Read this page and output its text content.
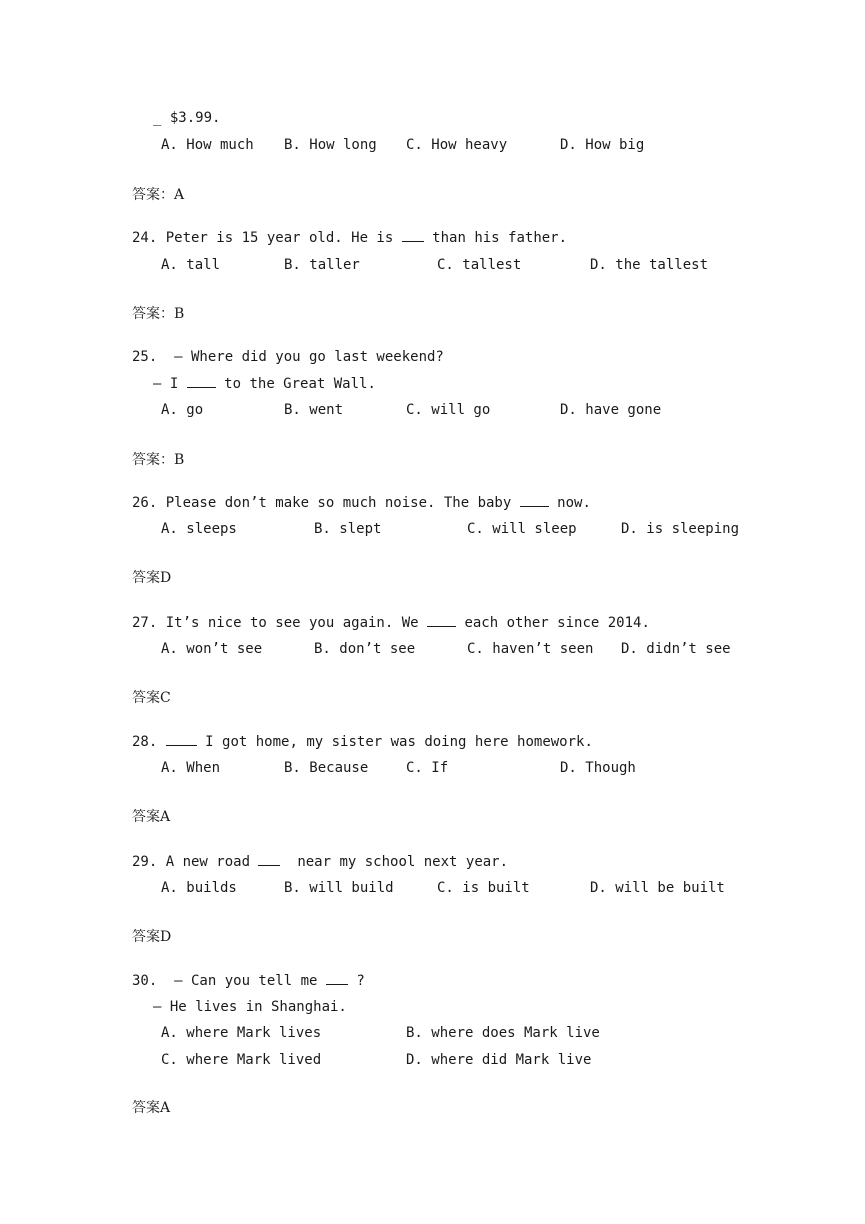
_ $3.99.
A. How much B. How long C. How heavy	D. How big
答案：A
24. Peter is 15 year old. He is	than his father.
A. tall	B. taller	C. tallest	D. the tallest
答案：B
25.  – Where did you go last weekend?
– I	to the Great Wall.
A. go	B. went	C. will go	D. have gone
答案：B
26. Please don’t make so much noise. The baby	now.
A. sleeps	B. slept	C. will sleep	D. is sleeping
答案D
27. It’s nice to see you again. We	each other since 2014.
A. won’t see	B. don’t see	C. haven’t seen D. didn’t see
答案C
28.	I got home, my sister was doing here homework.
A. When	B. Because	C. If	D. Though
答案A
29. A new road	near my school next year.
A. builds	B. will build	C. is built	D. will be built
答案D
30.  – Can you tell me	?
– He lives in Shanghai.
A. where Mark lives	B. where does Mark live
C. where Mark lived	D. where did Mark live
答案A
